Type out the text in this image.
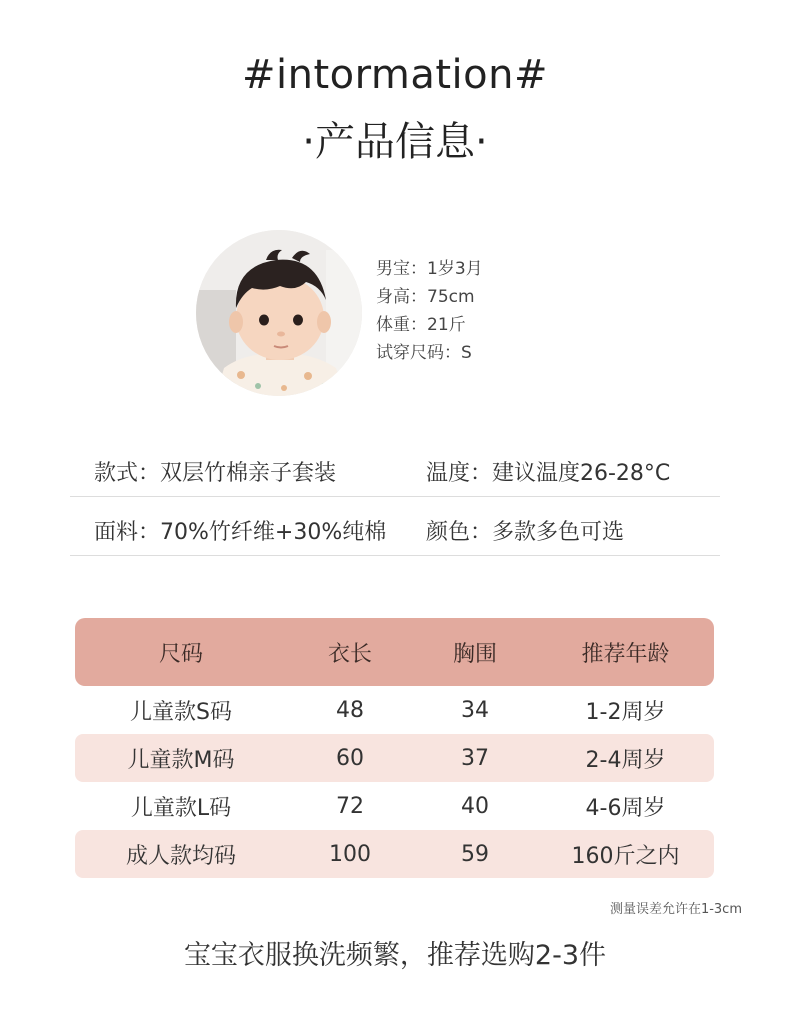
#intormation#
·产品信息·
男宝：1岁3月
身高：75cm
体重：21斤
试穿尺码：S
款式：双层竹棉亲子套装	温度：建议温度26-28°C
面料：70%竹纤维+30%纯棉 颜色：多款多色可选
尺码	衣长	胸围	推荐年龄
儿童款S码	48	34	1-2周岁
儿童款M码	60	37	2-4周岁
儿童款L码	72	40	4-6周岁
成人款均码	100	59	160斤之内
测量误差允许在1-3cm
宝宝衣服换洗频繁，推荐选购2-3件
